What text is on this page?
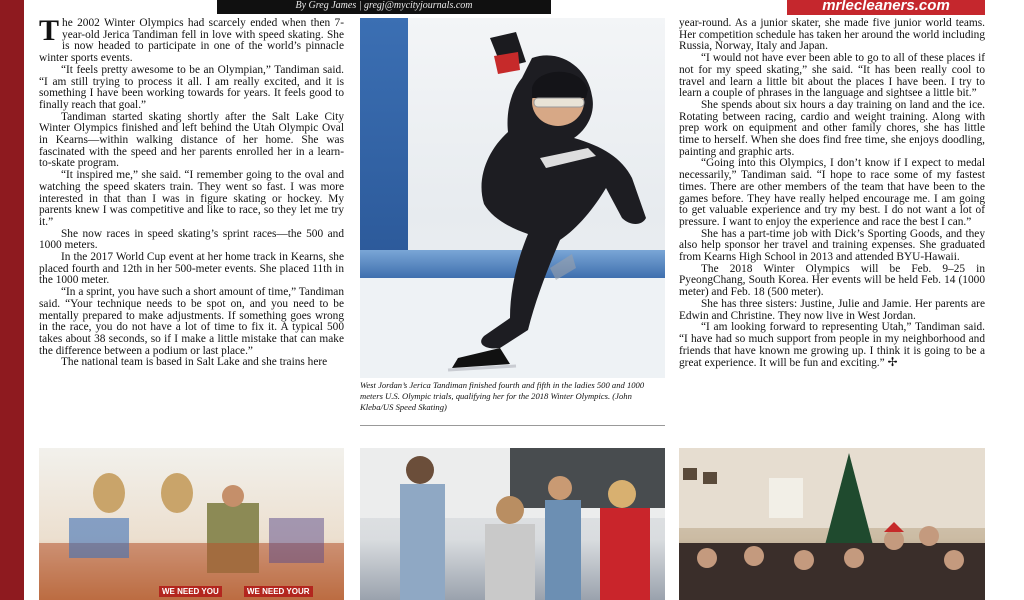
By Greg James | gregj@mycityjournals.com	mrlecleaners.com

The 2002 Winter Olympics had scarcely ended when then 7-year-old Jerica Tandiman fell in love with speed skating. She is now headed to participate in one of the world’s pinnacle winter sports events.

“It feels pretty awesome to be an Olympian,” Tandiman said. “I am still trying to process it all. I am really excited, and it is something I have been working towards for years. It feels good to finally reach that goal.”

Tandiman started skating shortly after the Salt Lake City Winter Olympics finished and left behind the Utah Olympic Oval in Kearns—within walking distance of her home. She was fascinated with the speed and her parents enrolled her in a learn-to-skate program.

“It inspired me,” she said. “I remember going to the oval and watching the speed skaters train. They went so fast. I was more interested in that than I was in figure skating or hockey. My parents knew I was competitive and like to race, so they let me try it.”

She now races in speed skating’s sprint races—the 500 and 1000 meters.

In the 2017 World Cup event at her home track in Kearns, she placed fourth and 12th in her 500-meter events. She placed 11th in the 1000 meter.

“In a sprint, you have such a short amount of time,” Tandiman said. “Your technique needs to be spot on, and you need to be mentally prepared to make adjustments. If something goes wrong in the race, you do not have a lot of time to fix it. A typical 500 takes about 38 seconds, so if I make a little mistake that can make the difference between a podium or last place.”

The national team is based in Salt Lake and she trains here

West Jordan’s Jerica Tandiman finished fourth and fifth in the ladies 500 and 1000 meters U.S. Olympic trials, qualifying her for the 2018 Winter Olympics. (John Kleba/US Speed Skating)

year-round. As a junior skater, she made five junior world teams. Her competition schedule has taken her around the world including Russia, Norway, Italy and Japan.

“I would not have ever been able to go to all of these places if not for my speed skating,” she said. “It has been really cool to travel and learn a little bit about the places I have been. I try to learn a couple of phrases in the language and sightsee a little bit.”

She spends about six hours a day training on land and the ice. Rotating between racing, cardio and weight training. Along with prep work on equipment and other family chores, she has little time to herself. When she does find free time, she enjoys doodling, painting and graphic arts.

“Going into this Olympics, I don’t know if I expect to medal necessarily,” Tandiman said. “I hope to race some of my fastest times. There are other members of the team that have been to the games before. They have really helped encourage me. I am going to get valuable experience and try my best. I do not want a lot of pressure. I want to enjoy the experience and race the best I can.”

She has a part-time job with Dick’s Sporting Goods, and they also help sponsor her travel and training expenses. She graduated from Kearns High School in 2013 and attended BYU-Hawaii.

The 2018 Winter Olympics will be Feb. 9–25 in PyeongChang, South Korea. Her events will be held Feb. 14 (1000 meter) and Feb. 18 (500 meter).

She has three sisters: Justine, Julie and Jamie. Her parents are Edwin and Christine. They now live in West Jordan.

“I am looking forward to representing Utah,” Tandiman said. “I have had so much support from people in my neighborhood and friends that have known me growing up. I think it is going to be a great experience. It will be fun and exciting.” ✢

WE NEED YOU	WE NEED YOUR
